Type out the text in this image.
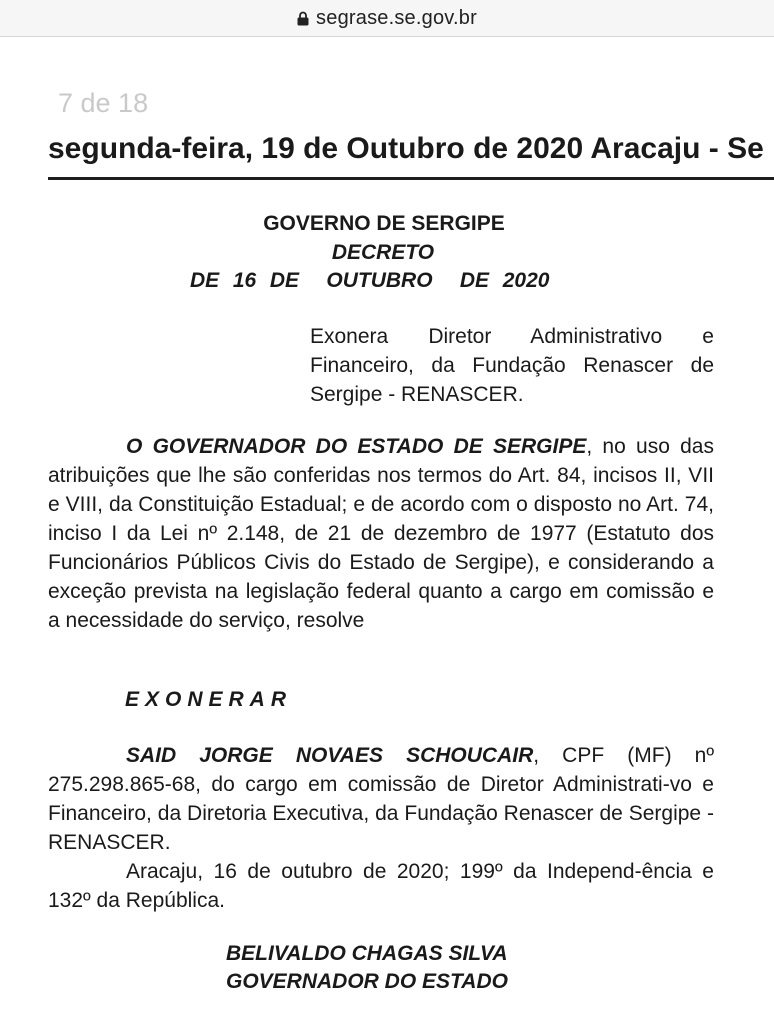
segrase.se.gov.br
7 de 18
segunda-feira, 19 de Outubro de 2020 Aracaju - Se
GOVERNO DE SERGIPE
DECRETO
DE  16  DE    OUTUBRO    DE  2020
Exonera Diretor Administrativo e Financeiro, da Fundação Renascer de Sergipe - RENASCER.
O GOVERNADOR DO ESTADO DE SERGIPE, no uso das atribuições que lhe são conferidas nos termos do Art. 84, incisos II, VII e VIII, da Constituição Estadual; e de acordo com o disposto no Art. 74, inciso I da Lei nº 2.148, de 21 de dezembro de 1977 (Estatuto dos Funcionários Públicos Civis do Estado de Sergipe), e considerando a exceção prevista na legislação federal quanto a cargo em comissão e a necessidade do serviço, resolve
EXONERAR
SAID JORGE NOVAES SCHOUCAIR, CPF (MF) nº 275.298.865-68, do cargo em comissão de Diretor Administrati-vo e Financeiro, da Diretoria Executiva, da Fundação Renascer de Sergipe - RENASCER.
Aracaju, 16 de outubro de 2020; 199º da Independ-ência e 132º da República.
BELIVALDO CHAGAS SILVA
GOVERNADOR DO ESTADO
